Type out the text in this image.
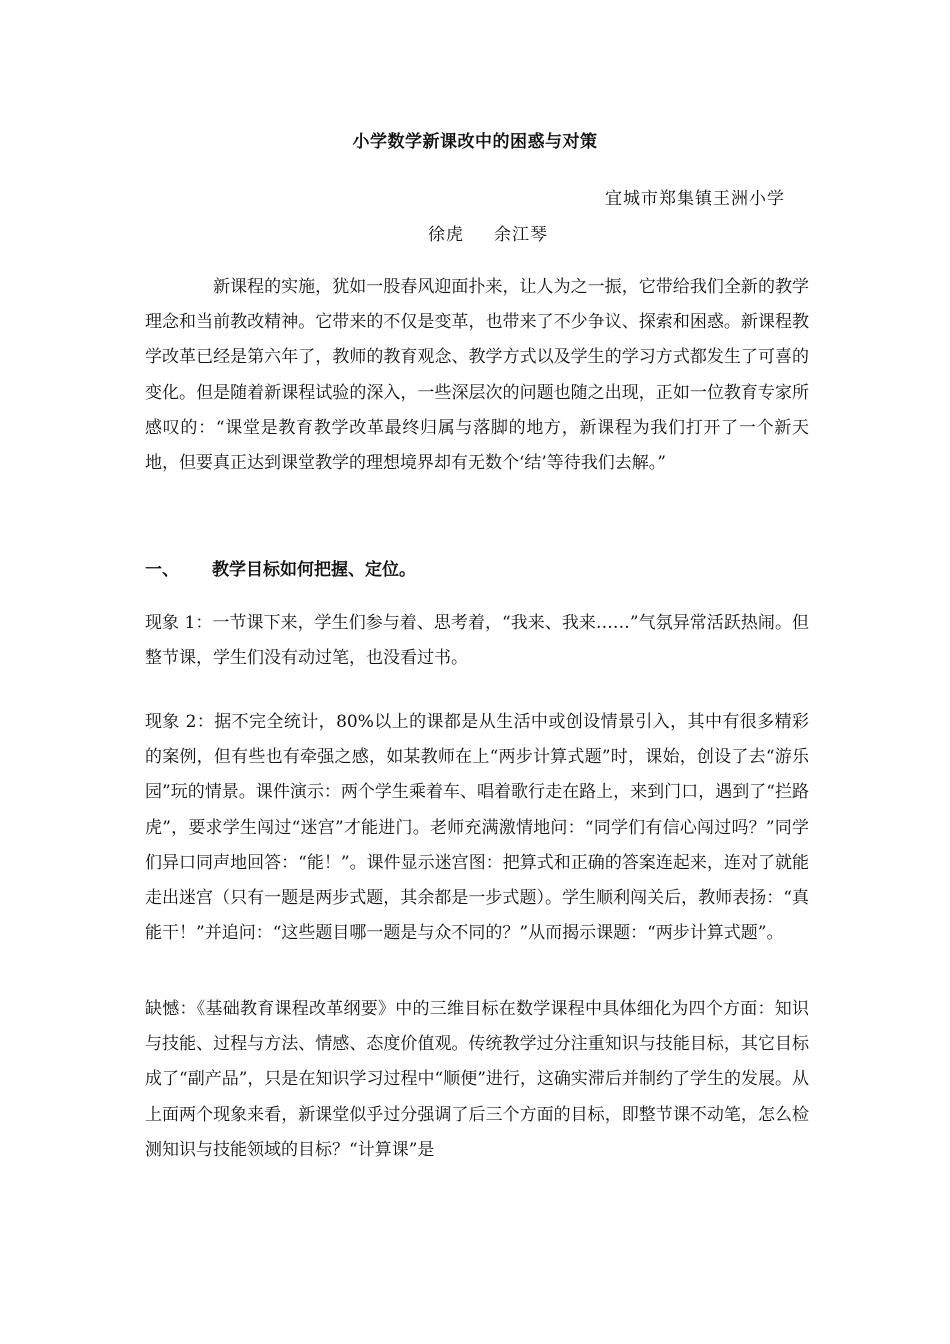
小学数学新课改中的困惑与对策
宜城市郑集镇王洲小学
徐虎 余江琴

新课程的实施，犹如一股春风迎面扑来，让人为之一振，它带给我们全新的教学理念和当前教改精神。它带来的不仅是变革，也带来了不少争议、探索和困惑。新课程教学改革已经是第六年了，教师的教育观念、教学方式以及学生的学习方式都发生了可喜的变化。但是随着新课程试验的深入，一些深层次的问题也随之出现，正如一位教育专家所感叹的：“课堂是教育教学改革最终归属与落脚的地方，新课程为我们打开了一个新天地，但要真正达到课堂教学的理想境界却有无数个‘结’等待我们去解。”

一、 教学目标如何把握、定位。

现象 1：一节课下来，学生们参与着、思考着，“我来、我来……”气氛异常活跃热闹。但整节课，学生们没有动过笔，也没看过书。

现象 2：据不完全统计，80%以上的课都是从生活中或创设情景引入，其中有很多精彩的案例，但有些也有牵强之感，如某教师在上“两步计算式题”时，课始，创设了去“游乐园”玩的情景。课件演示：两个学生乘着车、唱着歌行走在路上，来到门口，遇到了“拦路虎”，要求学生闯过“迷宫”才能进门。老师充满激情地问：“同学们有信心闯过吗？”同学们异口同声地回答：“能！”。课件显示迷宫图：把算式和正确的答案连起来，连对了就能走出迷宫（只有一题是两步式题，其余都是一步式题）。学生顺利闯关后，教师表扬：“真能干！”并追问：“这些题目哪一题是与众不同的？”从而揭示课题：“两步计算式题”。

缺憾：《基础教育课程改革纲要》中的三维目标在数学课程中具体细化为四个方面：知识与技能、过程与方法、情感、态度价值观。传统教学过分注重知识与技能目标，其它目标成了“副产品”，只是在知识学习过程中“顺便”进行，这确实滞后并制约了学生的发展。从上面两个现象来看，新课堂似乎过分强调了后三个方面的目标，即整节课不动笔，怎么检测知识与技能领域的目标？“计算课”是
